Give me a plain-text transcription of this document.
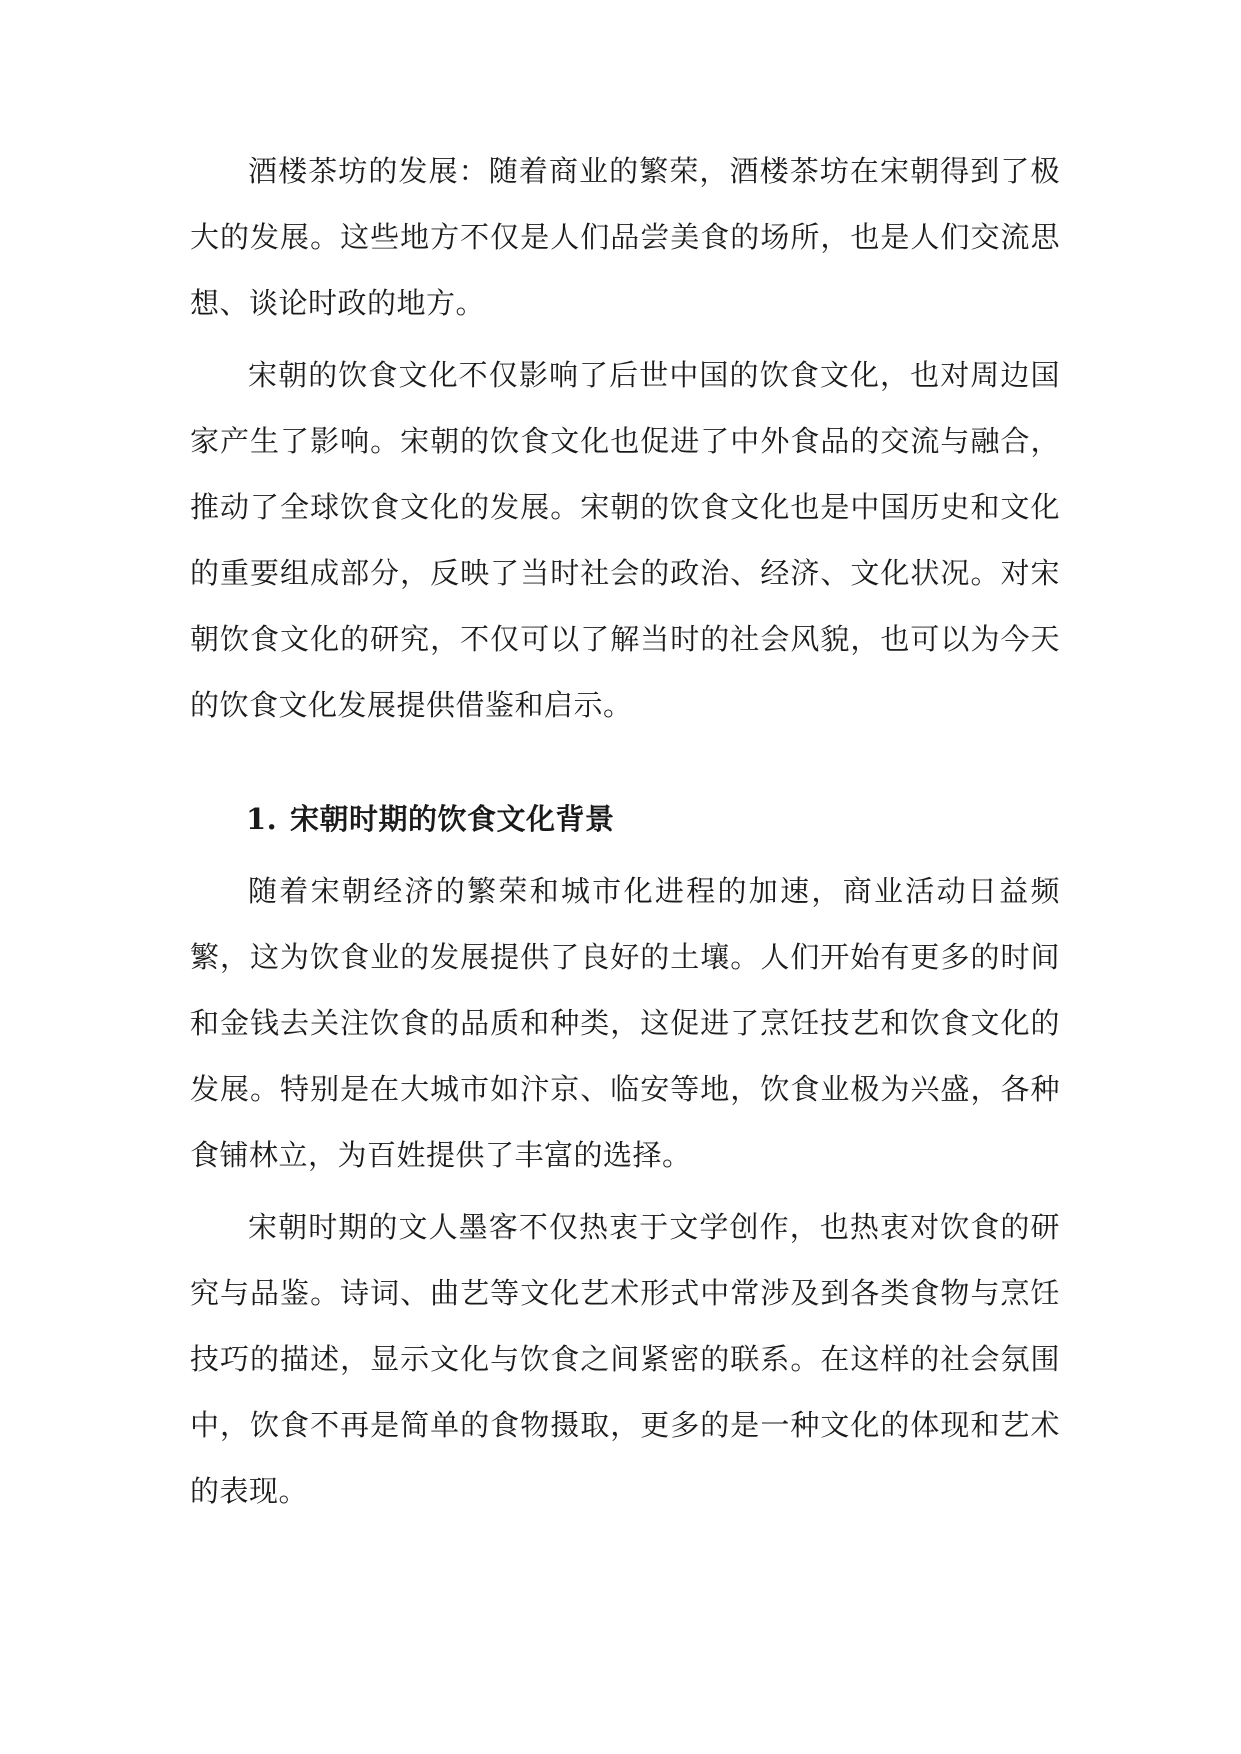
酒楼茶坊的发展：随着商业的繁荣，酒楼茶坊在宋朝得到了极大的发展。这些地方不仅是人们品尝美食的场所，也是人们交流思想、谈论时政的地方。

宋朝的饮食文化不仅影响了后世中国的饮食文化，也对周边国家产生了影响。宋朝的饮食文化也促进了中外食品的交流与融合，推动了全球饮食文化的发展。宋朝的饮食文化也是中国历史和文化的重要组成部分，反映了当时社会的政治、经济、文化状况。对宋朝饮食文化的研究，不仅可以了解当时的社会风貌，也可以为今天的饮食文化发展提供借鉴和启示。

1. 宋朝时期的饮食文化背景

随着宋朝经济的繁荣和城市化进程的加速，商业活动日益频繁，这为饮食业的发展提供了良好的土壤。人们开始有更多的时间和金钱去关注饮食的品质和种类，这促进了烹饪技艺和饮食文化的发展。特别是在大城市如汴京、临安等地，饮食业极为兴盛，各种食铺林立，为百姓提供了丰富的选择。

宋朝时期的文人墨客不仅热衷于文学创作，也热衷对饮食的研究与品鉴。诗词、曲艺等文化艺术形式中常涉及到各类食物与烹饪技巧的描述，显示文化与饮食之间紧密的联系。在这样的社会氛围中，饮食不再是简单的食物摄取，更多的是一种文化的体现和艺术的表现。
